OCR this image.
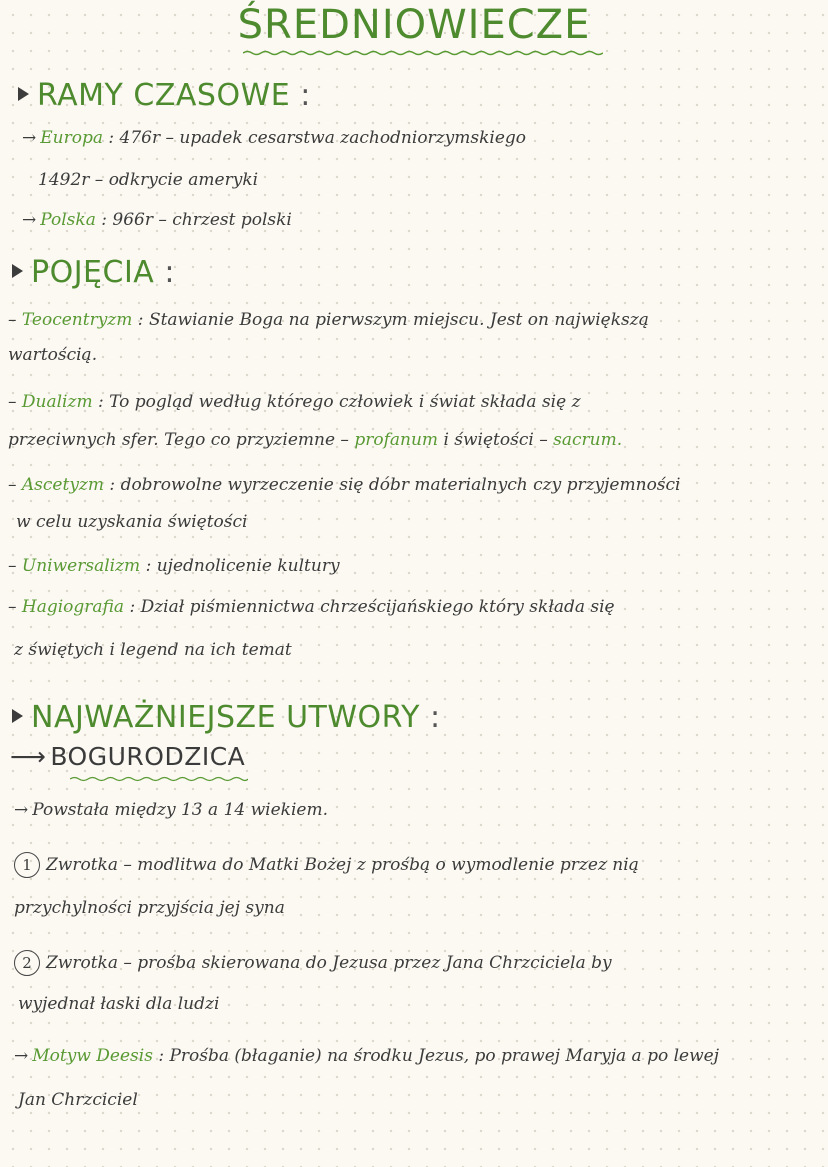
ŚREDNIOWIECZE
RAMY CZASOWE :
→ Europa : 476r – upadek cesarstwa zachodniorzymskiego
1492r – odkrycie ameryki
→ Polska : 966r – chrzest polski
POJĘCIA :
– Teocentryzm : Stawianie Boga na pierwszym miejscu. Jest on największą
wartością.
– Dualizm : To pogląd według którego człowiek i świat składa się z
przeciwnych sfer. Tego co przyziemne – profanum i świętości – sacrum.
– Ascetyzm : dobrowolne wyrzeczenie się dóbr materialnych czy przyjemności
w celu uzyskania świętości
– Uniwersalizm : ujednolicenie kultury
– Hagiografia : Dział piśmiennictwa chrześcijańskiego który składa się
z świętych i legend na ich temat
NAJWAŻNIEJSZE UTWORY :
⟶ BOGURODZICA
→ Powstała między 13 a 14 wiekiem.
1 Zwrotka – modlitwa do Matki Bożej z prośbą o wymodlenie przez nią
przychylności przyjścia jej syna
2 Zwrotka – prośba skierowana do Jezusa przez Jana Chrzciciela by
wyjednał łaski dla ludzi
→ Motyw Deesis : Prośba (błaganie) na środku Jezus, po prawej Maryja a po lewej
Jan Chrzciciel
